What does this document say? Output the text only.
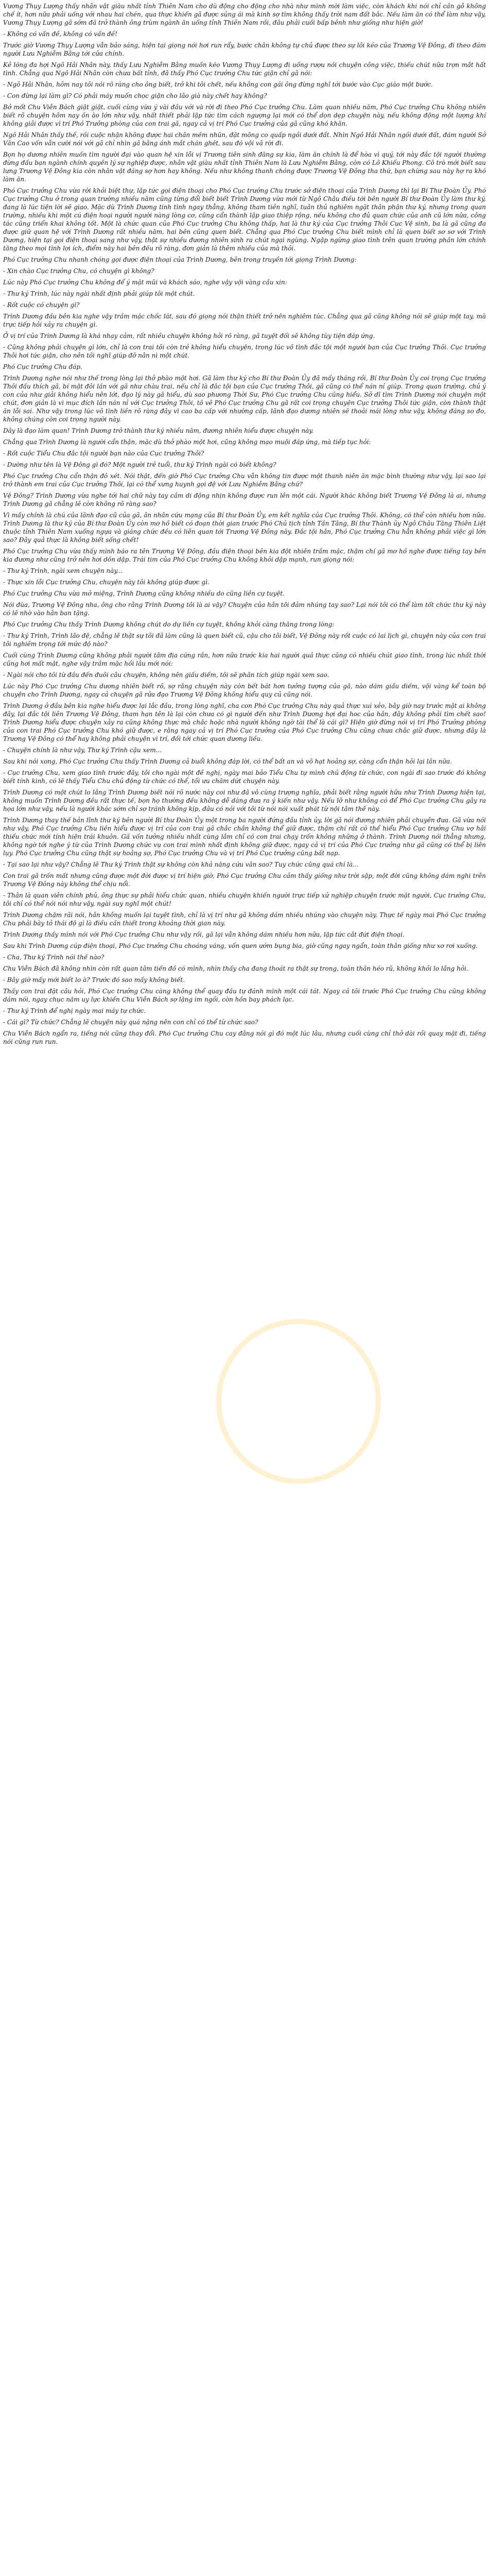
Vương Thụy Lượng thấy nhân vật giàu nhất tỉnh Thiên Nam cho dù động cho động cho nhà như mình mời làm việc, còn khách khi nói chỉ cần gỗ không chế ít, hơn nữa phải uống với nhau hai chén, qua thực khiến gã được sủng ái mà kinh sợ tìm không thấy trời nam đất bắc. Nếu làm ăn có thể làm như vậy, Vương Thụy Lượng gã sớm đã trở thành ông trùm ngành ăn uống tỉnh Thiên Nam rồi, đâu phải cuối bấp bênh như giống như hiện giờ!

- Không có vấn đề, không có vấn đề!

Trước giờ Vương Thụy Lượng vẫn bảo sáng, hiện tại giọng nói hơi run rẩy, bước chân không tự chủ được theo sự lôi kéo của Trương Vệ Đông, đi theo đám người Lưu Nghiễm Bằng tới cửa chính.

Kẻ lóng đa hợi Ngô Hải Nhân này, thấy Lưu Nghiễm Bằng muốn kéo Vương Thụy Lượng đi uống rượu nói chuyện công việc, thiếu chút nữa trợn mắt hất tình. Chẳng qua Ngô Hải Nhân còn chưa bất tỉnh, đã thấy Phó Cục trưởng Chu tức giận chỉ gã nói:

- Ngô Hải Nhân, hôm nay tôi nói rõ ràng cho ông biết, trở khi tôi chết, nếu không con gái ông đừng nghĩ tới bước vào Cục giáo một bước.

- Con đừng lại làm gì? Có phải máy muốn chọc giận cho lão già này chết hay không?

Bở mốt Chu Viễn Bách giật giật, cuối cùng vừa ý vài đầu với và rời đi theo Phó Cục trưởng Chu. Làm quan nhiều năm, Phó Cục trưởng Chu không nhiên biết rõ chuyện hôm nay ồn ào lớn như vậy, nhất thiết phải lập tức tìm cách ngượng lại mới có thể dọn dẹp chuyện này, nếu không động một lượng khí không giải được vì trí Phó Trưởng phòng của con trai gã, ngay cả vị trí Phó Cục trưởng của gã cũng khó khăn.

Ngô Hải Nhân thấy thế, rồi cuộc nhận không được hai chân mềm nhũn, đặt mông co quấp ngồi dưới đất. Nhìn Ngô Hải Nhân ngồi dưới đất, đám người Sở Văn Cao vốn vẫn cười nói với gã chỉ nhìn gã bằng ánh mắt chán ghét, sau đó vội vã rời đi.

Bọn họ dương nhiên muốn tìm người đại vào quan hệ xin lỗi vị Trương tiên sinh đăng sự kia, làm ăn chính là để hòa vì quý, tới này đắc tội người thường đừng đấu bạn ngành chính quyền lý sự nghiệp được, nhân vật giàu nhất tỉnh Thiên Nam là Lưu Nghiễm Bằng, còn có Lô Khiếu Phong. Cô trò mới biết sau lưng Trương Vệ Đông kia còn nhân vật đáng sợ hơn hay không. Nếu như không thanh chóng được Trương Vệ Đông tha thứ, bạn chừng sau này hợ ra khó làm ăn.

Phó Cục trưởng Chu vừa rời khỏi biệt thự, lập tức gọi điện thoại cho Phó Cục trưởng Chu trước sở điện thoại của Trình Dương thì lại Bí Thư Đoàn Ủy. Phó Cục trưởng Chu ở trong quan trường nhiều năm cũng từng đổi biết biết Trình Dương vừa mới từ Ngô Châu điều tới bên người Bí thư Đoàn Ủy làm thư ký, đang là lúc tiện lời sẽ giao. Mặc dù Trình Dương tinh tình ngay thẳng, không tham tiền nghĩ, tuân thủ nghiêm ngặt thân phận thư ký, nhưng trong quan trường, nhiều khi một cú điện hoại người người nàng lòng cơ, cũng cẩn thành lập giao thiệp rộng, nếu không cho đủ quan chức của anh cũ lớn nữa, công tác cũng triển khai không tốt. Một là chức quan của Phó Cục trưởng Chu không thấp, hai là thư ký của Cục trưởng Thôi Cục Vệ sinh, ba là gã cũng đa được giữ quan hệ với Trình Dương rất nhiều năm, hai bên cũng quen biết. Chẳng qua Phó Cục trưởng Chu biết mình chỉ là quen biết sơ sơ với Trình Dương, hiện tại gọi điện thoại sang như vậy, thật sự nhiều đương nhiên sinh ra chút ngại ngùng. Ngập ngừng giao tình trên quan trường phần lớn chính tăng theo mọi tình lợi ích, điểm này hai bên đều rõ ràng, đơn giản là thêm nhiều của mà thôi.

Phó Cục trưởng Chu nhanh chóng gọi được điện thoại của Trình Dương, bên trong truyền tới giọng Trình Dương:

- Xin chào Cục trưởng Chu, có chuyện gì không?

Lúc này Phó Cục trưởng Chu không để ý mặt mũi và khách sáo, nghe vậy vội vàng cầu xin:

- Thư ký Trình, lúc này ngài nhất định phải giúp tôi một chút.

- Rốt cuộc có chuyện gì?

Trình Dương đầu bên kia nghe vậy trầm mặc chốc lát, sau đó giọng nói thận thiết trở nên nghiêm túc. Chẳng qua gã cũng không nói sẽ giúp một tay, mà trực tiếp hỏi xảy ra chuyện gì.

Ở vị trí của Trình Dương là khá nhạy cảm, rất nhiều chuyện không hỏi rõ ràng, gã tuyệt đối sẽ không tùy tiện đáp ứng.

- Cũng không phải chuyện gì lớn, chỉ là con trai tôi còn trẻ không hiểu chuyện, trong lúc vô tình đắc tội một người bạn của Cục trưởng Thôi. Cục trưởng Thôi hơi tức giận, cho nên tôi nghĩ giúp đỡ nân nì một chút.

Phó Cục trưởng Chu đáp.

Trình Dương nghe nói như thế trong lòng lại thở phào một hơi. Gã làm thư ký cho Bí thư Đoàn Ủy đã mấy tháng rồi, Bí thư Đoàn Ủy coi trọng Cục trưởng Thôi đấu thích gã, bí mật đôi lần với gã như chàu trai, nếu chỉ là đắc tội bạn của Cục trưởng Thôi, gã cũng có thể nán nỉ giúp. Trong quan trường, chủ ý con của như giải không hiểu nên lớt, đạo lý này gã hiểu, dù sao phương Thời Sư, Phó Cục trưởng Chu cũng hiểu. Sở dĩ tìm Trình Dương nói chuyện một chút, đơn giản là vì mục đích lần nán nỉ với Cục trưởng Thôi, tô vẽ Phó Cục trưởng Chu gã rất coi trọng chuyện Cục trưởng Thôi tức giận, còn thành thật ăn lỗi sai. Như vậy trong lúc vô tình liền rõ ràng đây vì cao ba cấp với nhường cấp, lãnh đạo dương nhiên sẽ thoải mái lòng như vậy, không đáng so đo, không chúng còn coi trọng người này.

Dây là đạo làm quan! Trình Dương trở thành thư ký nhiều năm, đương nhiên hiểu được chuyện này.

Chẳng qua Trình Dương là người cẩn thận, mặc dù thở phào một hơi, cũng không mạo muội đáp ứng, mà tiếp tục hỏi:

- Rốt cuộc Tiểu Chu đắc tội người bạn nào của Cục trưởng Thôi?

- Dường như tên là Vệ Đông gì đó? Một người trẻ tuổi, thư ký Trình ngài có biết không?

Phó Cục trưởng Chu cẩn thận đô xét. Nói thật, đến giờ Phó Cục trưởng Chu vẫn không tin được một thanh niên ăn mặc bình thường như vậy, lại sao lại trở thành em trai của Cục trưởng Thôi, lại có thể xưng huynh gọi đệ với Lưu Nghiễm Bằng chứ?

Vệ Đông? Trình Dương vừa nghe tới hai chữ này tay cầm di động nhịn không được run lên một cái. Người khác không biết Trương Vệ Đông là ai, nhưng Trình Dương gã chẳng lẽ còn không rõ ràng sao?

Vì mấy chính là chú của lãnh đạo cũ của gã, ân nhân cứu mạng của Bí thư Đoàn Ủy, em kết nghĩa của Cục trưởng Thôi. Không, có thể còn nhiều hơn nữa. Trình Dương là thư ký của Bí thư Đoàn Ủy còn mơ hồ biết có đoạn thời gian trước Phó Chủ tịch tỉnh Tần Tăng, Bí thư Thành ủy Ngô Châu Tăng Thiên Liệt thuộc tỉnh Thiên Nam xuống ngựa và giáng chức đều có liên quan tới Trương Vệ Đông này. Đắc tội hắn, Phó Cục trưởng Chu hẳn không phải việc gì lớn sao? Đây quả thực là không biết sống chết!

Phó Cục trưởng Chu vừa thấy mình báo ra tên Trương Vệ Đông, đầu điện thoại bên kia đột nhiên trầm mặc, thậm chí gã mơ hồ nghe được tiếng tay bên kia đương như cũng trở nên hơi dồn dập. Trái tim của Phó Cục trưởng Chu không khỏi dập mạnh, run giọng nói:

- Thư ký Trình, ngài xem chuyện này...

- Thực xin lỗi Cục trưởng Chu, chuyện này tôi không giúp được gì.

Phó Cục trưởng Chu vừa mở miệng, Trình Dương cũng không nhiều do cũng liền cự tuyệt.

Nói đùa, Trương Vệ Đông nha, ông cho rằng Trình Dương tôi là ai vậy? Chuyện của hắn tôi đảm nhúng tay sao? Lại nói tôi có thể làm tốt chức thư ký này có lẽ nhờ vào hắn ban tặng.

Phó Cục trưởng Chu thấy Trình Dương không chút do dự liền cự tuyệt, không khỏi càng thăng trong lòng:

- Thư ký Trình, Trình lão đệ, chẳng lẽ thật sự tôi đã làm cũng là quen biết cũ, cậu cho tôi biết, Vệ Đông này rốt cuộc có lai lịch gì, chuyện này của con trai tôi nghiêm trọng tới mức độ nào?

Cuối cùng Trình Dương cũng không phải người tâm địa cứng rắn, hơn nữa trước kia hai người quả thực cũng có nhiều chút giao tình, trong lúc nhất thời cũng hơi mất mật, nghe vậy trầm mặc hồi lâu mới nói:

- Ngài nói cho tôi từ đầu đến đuôi câu chuyện, không nên giấu diếm, tôi sẽ phân tích giúp ngài xem sao.

Lúc này Phó Cục trưởng Chu dương nhiên biết rõ, sợ rằng chuyện này còn bết bát hơn tưởng tượng của gã, nào dám giấu diếm, vội vàng kể toàn bộ chuyện cho Trình Dương, ngay cả chuyện gã rửa đạo Trương Vệ Đông không hiểu quy củ cũng nói.

Trình Dương ở đầu bên kia nghe hiểu được lại lắc đầu, trong lòng nghĩ, cha con Phó Cục trưởng Chu này quả thực xui xẻo, bây giờ nay trước mặt ai không đây, lại đắc tội liên Trương Vệ Đông, tham hạn tên là lại còn chưa có gì người đến như Trình Dương hợi đại hoc của hắn, đây không phải tìm chết sao! Trình Dương hiểu được chuyện xảy ra cũng không thực mà chắc hoặc nhà người không ngờ tài thể là cái gì? Hiện giờ đừng nói vị trí Phó Trưởng phòng của con trai Phó Cục trưởng Chu khó giữ được, e rằng ngay cả vị trí Phó Cục trưởng của Phó Cục trưởng Chu cũng chưa chắc giữ được, nhưng đây là Trương Vệ Đông có thể hay không phải chuyện vì trí, đối tới chức quan dương liều.

- Chuyện chính là như vậy, Thư ký Trình cậu xem...

Sau khi nói xong, Phó Cục trưởng Chu thấy Trình Dương cả buổi không đáp lời, có thể bất an và vô hạt hoảng sợ, càng cẩn thận hỏi lại lần nữa.

- Cục trưởng Chu, xem giao tình trước đây, tôi cho ngài một đề nghị, ngày mai bảo Tiểu Chu tự mình chủ động từ chức, con ngài đi sao trước đó không biết tính kinh, có lẽ thấy Tiểu Chu chủ động từ chức có thể, tối ưu chăm dứt chuyện này.

Trình Dương có một chút lo lắng Trình Dương biết nói rõ nước này coi như đã vô cùng trượng nghĩa, phải biết rằng người hữu như Trình Dương hiện tại, không muốn Trình Dương đều rất thực tế, bọn họ thường đều không dễ dàng đưa ra ý kiến như vậy. Nếu lỡ như không có để Phó Cục trưởng Chu gây ra họa lớn như vậy, nếu là người khác sớm chỉ sợ tránh không kịp, đâu có nói với tôi từ nói nói xuất phát từ nội tâm thế này.

Trình Dương thay thế bản lĩnh thư ký bên người Bí thư Đoàn Ủy một trong ba người đứng đầu tỉnh ủy, lời gã nói đương nhiên phải chuyên đưa. Gã vừa nói như vậy, Phó Cục trưởng Chu liền hiểu được vị trí của con trai gã chắc chắn không thể giữ được, thậm chí rất có thể hiểu Phó Cục trưởng Chu vợ hãi thiếu chức mới tính hiện trái khuôn. Gã vốn tưởng nhiều nhất cùng lắm chỉ có con trai chạy trốn không những ở thành. Trình Dương nói thẳng nhưng, không ngờ tới nghe ý từ của Trình Dương chức vụ con trai mình nhất định không giữ được, ngay cả vị trí của Phó Cục trưởng như gã cũng có thể bị liên lụy. Phó Cục trưởng Chu cũng thật sự hoảng sợ, Phó Cục trưởng Chu và vị trí Phó Cục trưởng cũng bất nạp.

- Tại sao lại như vậy? Chẳng lẽ Thư ký Trình thật sự không còn khả năng cứu vãn sao? Tuy chức cũng quá chí là...

Con trai gã trốn mất nhưng cũng được một đời được vị trí hiện giờ, Phó Cục trưởng Chu cảm thấy giống như trời sập, một đời cũng không dám nghi trên Trương Vệ Đông này không thể chịu nổi.

- Thân là quan viên chính phủ, ông thực sự phải hiểu chức quan, nhiều chuyện khiến người trực tiếp xử nghiệp chuyện trước mặt người, Cục trưởng Chu, tôi chỉ có thể nói nói như vậy, ngài suy nghĩ một chút!

Trình Dương chậm rãi nói, hắn không muốn lại tuyệt tình, chỉ là vị trí như gã không dám nhiều nhúng vào chuyện này. Thực tế ngày mai Phó Cục trưởng Chu phải bày tỏ thái độ gì là điều cần thiết trong khoảng thời gian này.

Trình Dương thấy mình nói với Phó Cục trưởng Chu như vậy rồi, gã lại vẫn không dám nhiều hơn nữa, lập tức cắt đứt điện thoại.

Sau khi Trình Dương cúp điện thoại, Phó Cục trưởng Chu choáng váng, vốn quen ướm bụng bia, giờ cũng ngay ngẩn, toàn thân giống như xơ rơi xuống.

- Cha, Thư ký Trình nói thế nào?

Chu Viễn Bách đã không nhìn còn rất quan tâm tiến đồ có mình, nhìn thấy cha đang thoát ra thật sự trong, toàn thân héo rũ, không khỏi lo lắng hỏi.

- Bây giờ mấy mới biết lo à? Trước đó sao mấy không biết.

Thấy con trai đặt câu hỏi, Phó Cục trưởng Chu càng không thể quay đầu tự đánh mình một cái tát. Ngay cả tôi trước Phó Cục trưởng Chu cũng không dám nói, ngay chục năm uy lực khiến Chu Viễn Bách sợ lặng im ngồi, còn hồn bay phách lạc.

- Thư ký Trình để nghị ngày mai máy tự chức.

- Cái gì? Từ chức? Chẳng lẽ chuyện này quá nặng nên con chỉ có thể từ chức sao?

Chu Viễn Bách ngẩn ra, tiếng nói cũng thay đổi. Phó Cục trưởng Chu cay đắng nói gì đó một lúc lâu, nhưng cuối cùng chỉ thở dài rồi quay mặt đi, tiếng nói cũng run run.
